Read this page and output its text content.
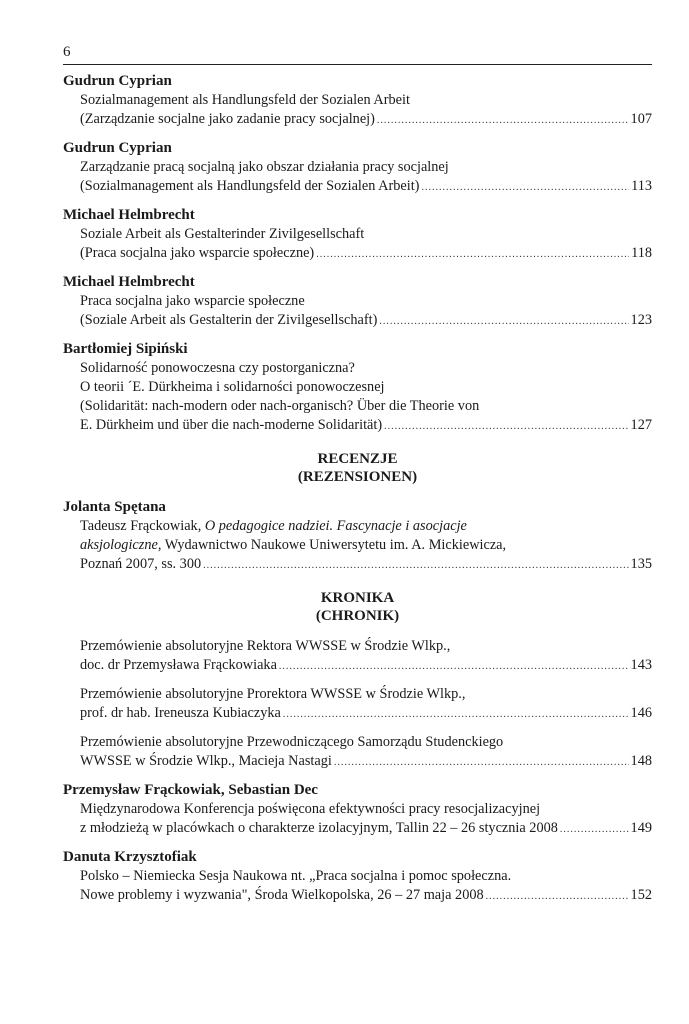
6
Gudrun Cyprian
Sozialmanagement als Handlungsfeld der Sozialen Arbeit
(Zarządzanie socjalne jako zadanie pracy socjalnej) .....	107
Gudrun Cyprian
Zarządzanie pracą socjalną jako obszar działania pracy socjalnej
(Sozialmanagement als Handlungsfeld der Sozialen Arbeit) .....	113
Michael Helmbrecht
Soziale Arbeit als Gestalterinder Zivilgesellschaft
(Praca socjalna jako wsparcie społeczne) .....	118
Michael Helmbrecht
Praca socjalna jako wsparcie społeczne
(Soziale Arbeit als Gestalterin der Zivilgesellschaft) .....	123
Bartłomiej Sipiński
Solidarność ponowoczesna czy postorganiczna?
O teorii ´E. Dürkheima i solidarności ponowoczesnej
(Solidarität: nach-modern oder nach-organisch? Über die Theorie von
E. Dürkheim und über die nach-moderne Solidarität) .....	127
RECENZJE
(REZENSIONEN)
Jolanta Spętana
Tadeusz Frąckowiak, O pedagogice nadziei. Fascynacje i asocjacje
aksjologiczne, Wydawnictwo Naukowe Uniwersytetu im. A. Mickiewicza,
Poznań 2007, ss. 300 .....	135
KRONIKA
(CHRONIK)
Przemówienie absolutoryjne Rektora WWSSE w Środzie Wlkp.,
doc. dr Przemysława Frąckowiaka .....	143
Przemówienie absolutoryjne Prorektora WWSSE w Środzie Wlkp.,
prof. dr hab. Ireneusza Kubiaczyka .....	146
Przemówienie absolutoryjne Przewodniczącego Samorządu Studenckiego
WWSSE w Środzie Wlkp., Macieja Nastagi .....	148
Przemysław Frąckowiak, Sebastian Dec
Międzynarodowa Konferencja poświęcona efektywności pracy resocjalizacyjnej
z młodzieżą w placówkach o charakterze izolacyjnym, Tallin 22 – 26 stycznia 2008 .....	149
Danuta Krzysztofiak
Polsko – Niemiecka Sesja Naukowa nt. „Praca socjalna i pomoc społeczna.
Nowe problemy i wyzwania", Środa Wielkopolska, 26 – 27 maja 2008 .....	152
